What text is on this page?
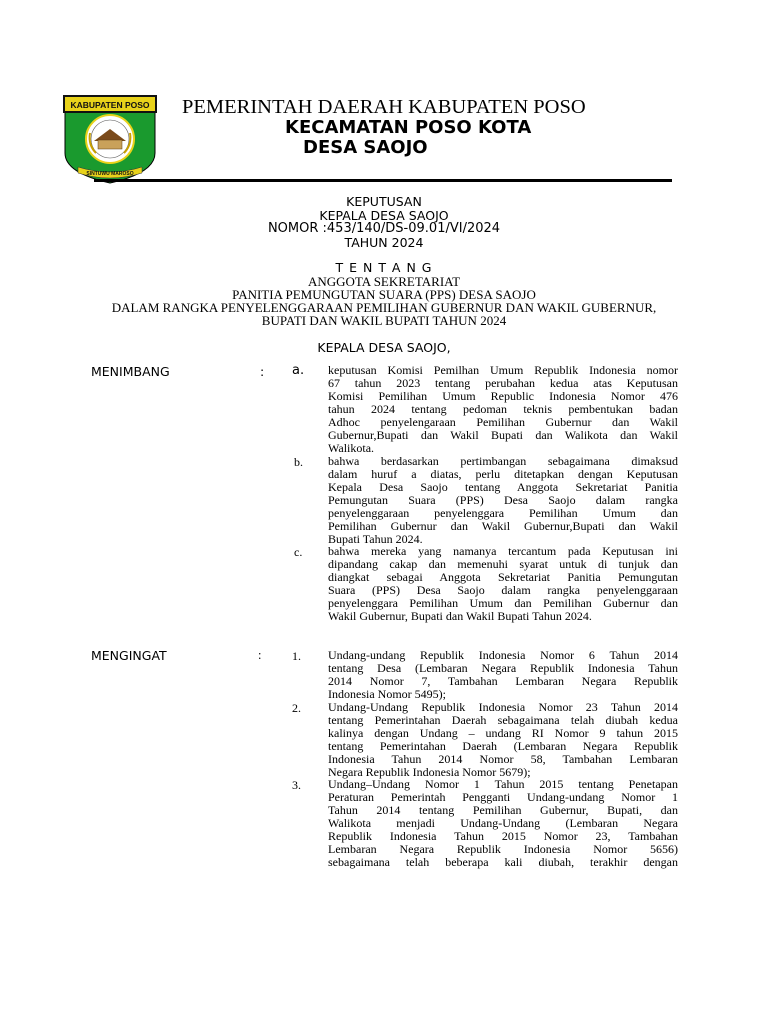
KABUPATEN POSO
SINTUWU MAROSO
PEMERINTAH DAERAH KABUPATEN POSO
KECAMATAN POSO KOTA
DESA SAOJO
KEPUTUSAN
KEPALA DESA SAOJO
NOMOR :453/140/DS-09.01/VI/2024
TAHUN 2024
T E N T A N G
ANGGOTA SEKRETARIAT
PANITIA PEMUNGUTAN SUARA (PPS) DESA SAOJO
DALAM RANGKA PENYELENGGARAAN PEMILIHAN GUBERNUR DAN WAKIL GUBERNUR,
BUPATI DAN WAKIL BUPATI TAHUN 2024
KEPALA DESA SAOJO,
MENIMBANG	: a. keputusan Komisi Pemilhan Umum Republik Indonesia nomor
67 tahun 2023 tentang perubahan kedua atas Keputusan
Komisi Pemilihan Umum Republic Indonesia Nomor 476
tahun 2024 tentang pedoman teknis pembentukan badan
Adhoc penyelengaraan Pemilihan Gubernur dan Wakil
Gubernur,Bupati dan Wakil Bupati dan Walikota dan Wakil
Walikota.
b. bahwa berdasarkan pertimbangan sebagaimana dimaksud
dalam huruf a diatas, perlu ditetapkan dengan Keputusan
Kepala Desa Saojo tentang Anggota Sekretariat Panitia
Pemungutan Suara (PPS) Desa Saojo dalam rangka
penyelenggaraan penyelenggara Pemilihan Umum dan
Pemilihan Gubernur dan Wakil Gubernur,Bupati dan Wakil
Bupati Tahun 2024.
c. bahwa mereka yang namanya tercantum pada Keputusan ini
dipandang cakap dan memenuhi syarat untuk di tunjuk dan
diangkat sebagai Anggota Sekretariat Panitia Pemungutan
Suara (PPS) Desa Saojo dalam rangka penyelenggaraan
penyelenggara Pemilihan Umum dan Pemilihan Gubernur dan
Wakil Gubernur, Bupati dan Wakil Bupati Tahun 2024.
MENGINGAT	:	1. Undang-undang Republik Indonesia Nomor 6 Tahun 2014
tentang Desa (Lembaran Negara Republik Indonesia Tahun
2014 Nomor 7, Tambahan Lembaran Negara Republik
Indonesia Nomor 5495);
2. Undang-Undang Republik Indonesia Nomor 23 Tahun 2014
tentang Pemerintahan Daerah sebagaimana telah diubah kedua
kalinya dengan Undang – undang RI Nomor 9 tahun 2015
tentang Pemerintahan Daerah (Lembaran Negara Republik
Indonesia Tahun 2014 Nomor 58, Tambahan Lembaran
Negara Republik Indonesia Nomor 5679);
3. Undang–Undang Nomor 1 Tahun 2015 tentang Penetapan
Peraturan Pemerintah Pengganti Undang-undang Nomor 1
Tahun 2014 tentang Pemilihan Gubernur, Bupati, dan
Walikota menjadi Undang-Undang (Lembaran Negara
Republik Indonesia Tahun 2015 Nomor 23, Tambahan
Lembaran Negara Republik Indonesia Nomor 5656)
sebagaimana telah beberapa kali diubah, terakhir dengan
